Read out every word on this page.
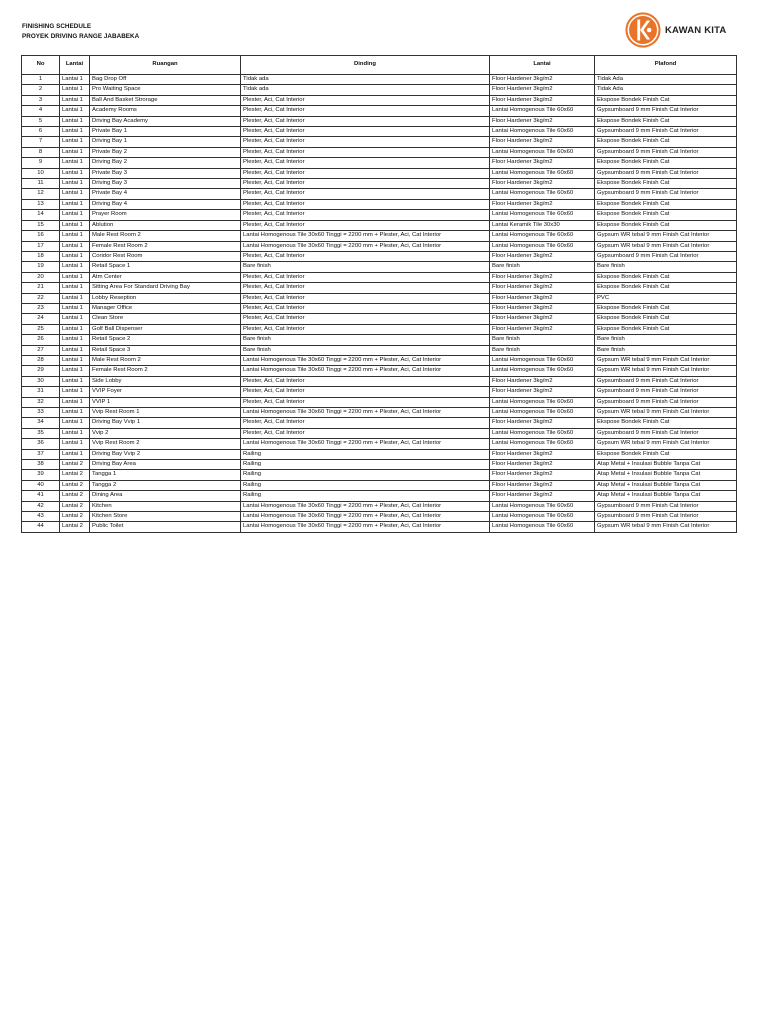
FINISHING SCHEDULE
PROYEK DRIVING RANGE JABABEKA
KAWAN KITA
No	Lantai	Ruangan	Dinding	Lantai	Plafond
1	Lantai 1	Bag Drop Off	Tidak ada	Floor Hardener 3kg/m2	Tidak Ada
2	Lantai 1	Pro Waiting Space	Tidak ada	Floor Hardener 3kg/m2	Tidak Ada
3	Lantai 1	Ball And Basket Strorage	Plester, Aci, Cat Interior	Floor Hardener 3kg/m2	Ekspose Bondek Finish Cat
4	Lantai 1	Academy Rooms	Plester, Aci, Cat Interior	Lantai Homogenous Tile 60x60	Gypsumboard 9 mm Finish Cat Interior
5	Lantai 1	Driving Bay Academy	Plester, Aci, Cat Interior	Floor Hardener 3kg/m2	Ekspose Bondek Finish Cat
6	Lantai 1	Private Bay 1	Plester, Aci, Cat Interior	Lantai Homogenous Tile 60x60	Gypsumboard 9 mm Finish Cat Interior
7	Lantai 1	Driving Bay 1	Plester, Aci, Cat Interior	Floor Hardener 3kg/m2	Ekspose Bondek Finish Cat
8	Lantai 1	Private Bay 2	Plester, Aci, Cat Interior	Lantai Homogenous Tile 60x60	Gypsumboard 9 mm Finish Cat Interior
9	Lantai 1	Driving Bay 2	Plester, Aci, Cat Interior	Floor Hardener 3kg/m2	Ekspose Bondek Finish Cat
10	Lantai 1	Private Bay 3	Plester, Aci, Cat Interior	Lantai Homogenous Tile 60x60	Gypsumboard 9 mm Finish Cat Interior
11	Lantai 1	Driving Bay 3	Plester, Aci, Cat Interior	Floor Hardener 3kg/m2	Ekspose Bondek Finish Cat
12	Lantai 1	Private Bay 4	Plester, Aci, Cat Interior	Lantai Homogenous Tile 60x60	Gypsumboard 9 mm Finish Cat Interior
13	Lantai 1	Driving Bay 4	Plester, Aci, Cat Interior	Floor Hardener 3kg/m2	Ekspose Bondek Finish Cat
14	Lantai 1	Prayer Room	Plester, Aci, Cat Interior	Lantai Homogenous Tile 60x60	Ekspose Bondek Finish Cat
15	Lantai 1	Ablution	Plester, Aci, Cat Interior	Lantai Keramik Tile 30x30	Ekspose Bondek Finish Cat
16	Lantai 1	Male Rest Room 2	Lantai Homogenous Tile 30x60 Tinggi = 2200 mm + Plester, Aci, Cat Interior	Lantai Homogenous Tile 60x60	Gypsum WR tebal 9 mm Finish Cat Interior
17	Lantai 1	Female Rest Room 2	Lantai Homogenous Tile 30x60 Tinggi = 2200 mm + Plester, Aci, Cat Interior	Lantai Homogenous Tile 60x60	Gypsum WR tebal 9 mm Finish Cat Interior
18	Lantai 1	Coridor Rest Room	Plester, Aci, Cat Interior	Floor Hardener 3kg/m2	Gypsumboard 9 mm Finish Cat Interior
19	Lantai 1	Retail Space 1	Bare finish	Bare finish	Bare finish
20	Lantai 1	Atm Center	Plester, Aci, Cat Interior	Floor Hardener 3kg/m2	Ekspose Bondek Finish Cat
21	Lantai 1	Sitting Area For Standard Driving Bay	Plester, Aci, Cat Interior	Floor Hardener 3kg/m2	Ekspose Bondek Finish Cat
22	Lantai 1	Lobby Reseption	Plester, Aci, Cat Interior	Floor Hardener 3kg/m2	PVC
23	Lantai 1	Manager Office	Plester, Aci, Cat Interior	Floor Hardener 3kg/m2	Ekspose Bondek Finish Cat
24	Lantai 1	Clean Store	Plester, Aci, Cat Interior	Floor Hardener 3kg/m2	Ekspose Bondek Finish Cat
25	Lantai 1	Golf Ball Dispenser	Plester, Aci, Cat Interior	Floor Hardener 3kg/m2	Ekspose Bondek Finish Cat
26	Lantai 1	Retail Space 2	Bare finish	Bare finish	Bare finish
27	Lantai 1	Retail Space 3	Bare finish	Bare finish	Bare finish
28	Lantai 1	Male Rest Room 2	Lantai Homogenous Tile 30x60 Tinggi = 2200 mm + Plester, Aci, Cat Interior	Lantai Homogenous Tile 60x60	Gypsum WR tebal 9 mm Finish Cat Interior
29	Lantai 1	Female Rest Room 2	Lantai Homogenous Tile 30x60 Tinggi = 2200 mm + Plester, Aci, Cat Interior	Lantai Homogenous Tile 60x60	Gypsum WR tebal 9 mm Finish Cat Interior
30	Lantai 1	Side Lobby	Plester, Aci, Cat Interior	Floor Hardener 3kg/m2	Gypsumboard 9 mm Finish Cat Interior
31	Lantai 1	VVIP Foyer	Plester, Aci, Cat Interior	Floor Hardener 3kg/m2	Gypsumboard 9 mm Finish Cat Interior
32	Lantai 1	VVIP 1	Plester, Aci, Cat Interior	Lantai Homogenous Tile 60x60	Gypsumboard 9 mm Finish Cat Interior
33	Lantai 1	Vvip Rest Room 1	Lantai Homogenous Tile 30x60 Tinggi = 2200 mm + Plester, Aci, Cat Interior	Lantai Homogenous Tile 60x60	Gypsum WR tebal 9 mm Finish Cat Interior
34	Lantai 1	Driving Bay Vvip 1	Plester, Aci, Cat Interior	Floor Hardener 3kg/m2	Ekspose Bondek Finish Cat
35	Lantai 1	Vvip 2	Plester, Aci, Cat Interior	Lantai Homogenous Tile 60x60	Gypsumboard 9 mm Finish Cat Interior
36	Lantai 1	Vvip Rest Room 2	Lantai Homogenous Tile 30x60 Tinggi = 2200 mm + Plester, Aci, Cat Interior	Lantai Homogenous Tile 60x60	Gypsum WR tebal 9 mm Finish Cat Interior
37	Lantai 1	Driving Bay Vvip 2	Railing	Floor Hardener 3kg/m2	Ekspose Bondek Finish Cat
38	Lantai 2	Driving Bay Area	Railing	Floor Hardener 3kg/m2	Atap Metal + Insulasi Bubble Tanpa Cat
39	Lantai 2	Tangga 1	Railing	Floor Hardener 3kg/m2	Atap Metal + Insulasi Bubble Tanpa Cat
40	Lantai 2	Tangga 2	Railing	Floor Hardener 3kg/m2	Atap Metal + Insulasi Bubble Tanpa Cat
41	Lantai 2	Dining Area	Railing	Floor Hardener 3kg/m2	Atap Metal + Insulasi Bubble Tanpa Cat
42	Lantai 2	Kitchen	Lantai Homogenous Tile 30x60 Tinggi = 2200 mm + Plester, Aci, Cat Interior	Lantai Homogenous Tile 60x60	Gypsumboard 9 mm Finish Cat Interior
43	Lantai 2	Kitchen Store	Lantai Homogenous Tile 30x60 Tinggi = 2200 mm + Plester, Aci, Cat Interior	Lantai Homogenous Tile 60x60	Gypsumboard 9 mm Finish Cat Interior
44	Lantai 2	Public Toilet	Lantai Homogenous Tile 30x60 Tinggi = 2200 mm + Plester, Aci, Cat Interior	Lantai Homogenous Tile 60x60	Gypsum WR tebal 9 mm Finish Cat Interior
